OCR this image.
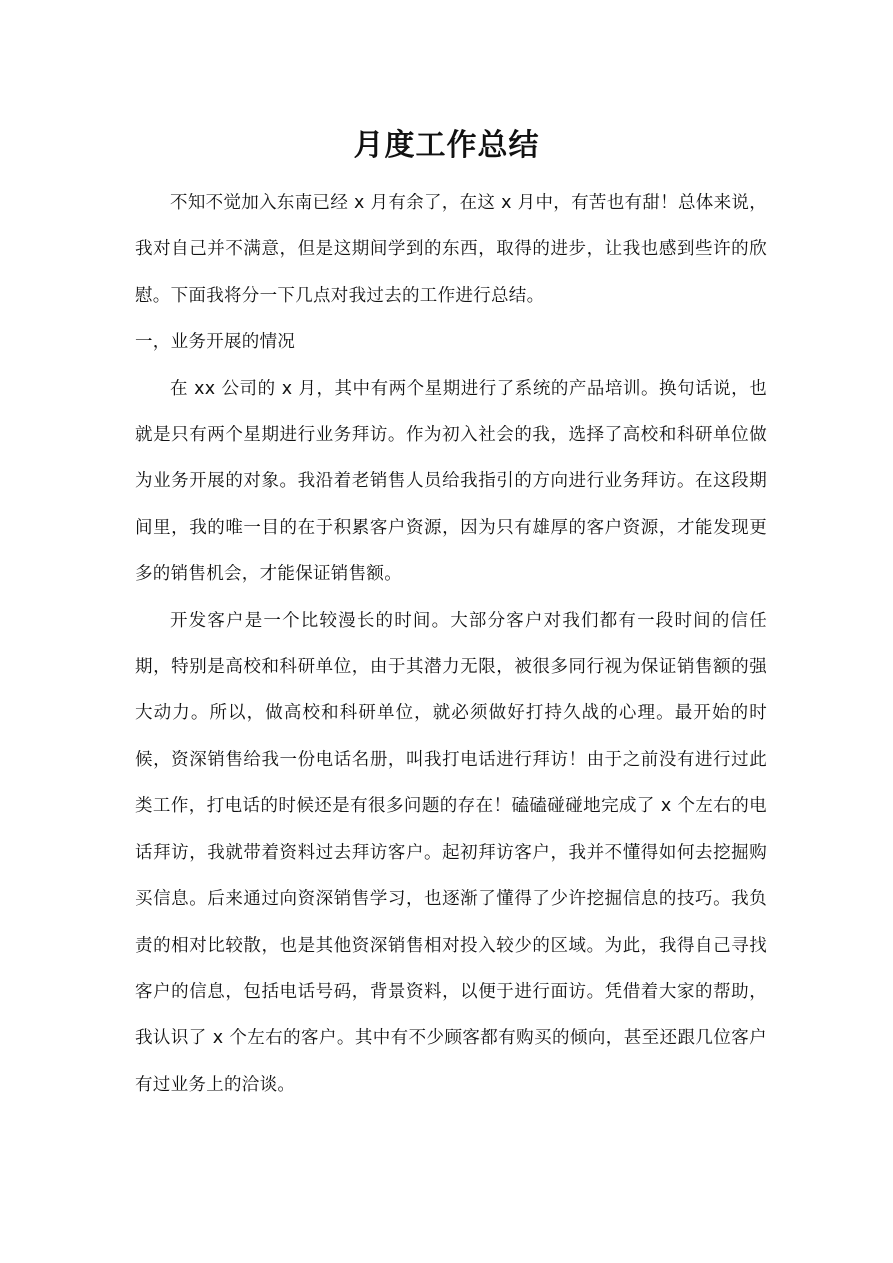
月度工作总结

不知不觉加入东南已经 x 月有余了，在这 x 月中，有苦也有甜！总体来说，我对自己并不满意，但是这期间学到的东西，取得的进步，让我也感到些许的欣慰。下面我将分一下几点对我过去的工作进行总结。

一，业务开展的情况

在 xx 公司的 x 月，其中有两个星期进行了系统的产品培训。换句话说，也就是只有两个星期进行业务拜访。作为初入社会的我，选择了高校和科研单位做为业务开展的对象。我沿着老销售人员给我指引的方向进行业务拜访。在这段期间里，我的唯一目的在于积累客户资源，因为只有雄厚的客户资源，才能发现更多的销售机会，才能保证销售额。

开发客户是一个比较漫长的时间。大部分客户对我们都有一段时间的信任期，特别是高校和科研单位，由于其潜力无限，被很多同行视为保证销售额的强大动力。所以，做高校和科研单位，就必须做好打持久战的心理。最开始的时候，资深销售给我一份电话名册，叫我打电话进行拜访！由于之前没有进行过此类工作，打电话的时候还是有很多问题的存在！磕磕碰碰地完成了 x 个左右的电话拜访，我就带着资料过去拜访客户。起初拜访客户，我并不懂得如何去挖掘购买信息。后来通过向资深销售学习，也逐渐了懂得了少许挖掘信息的技巧。我负责的相对比较散，也是其他资深销售相对投入较少的区域。为此，我得自己寻找客户的信息，包括电话号码，背景资料，以便于进行面访。凭借着大家的帮助，我认识了 x 个左右的客户。其中有不少顾客都有购买的倾向，甚至还跟几位客户有过业务上的洽谈。
